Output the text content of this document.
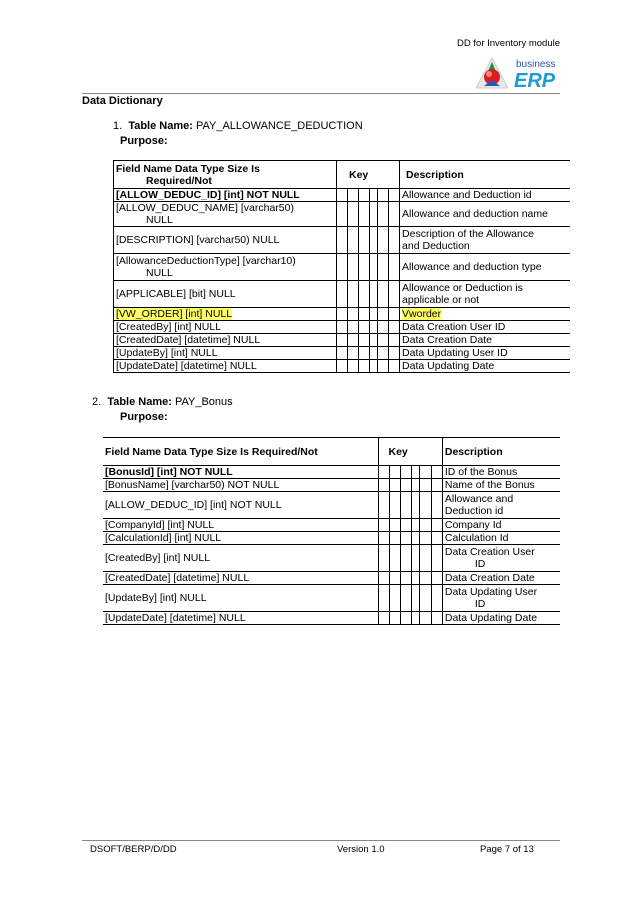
DD for Inventory module
business
ERP
Data Dictionary
1. Table Name: PAY_ALLOWANCE_DEDUCTION
Purpose:
Field Name Data Type Size Is

Required/Not	Key						Description
[ALLOW_DEDUC_ID] [int] NOT NULL							Allowance and Deduction id
[ALLOW_DEDUC_NAME] [varchar50)
NULL							Allowance and deduction name
[DESCRIPTION] [varchar50) NULL							Description of the Allowance
and Deduction
[AllowanceDeductionType] [varchar10)
NULL							Allowance and deduction type
[APPLICABLE] [bit] NULL							Allowance or Deduction is
applicable or not
[VW_ORDER] [int] NULL							Vworder
[CreatedBy] [int] NULL							Data Creation User ID
[CreatedDate] [datetime] NULL							Data Creation Date
[UpdateBy] [int] NULL							Data Updating User ID
[UpdateDate] [datetime] NULL							Data Updating Date
2. Table Name: PAY_Bonus
Purpose:
Field Name Data Type Size Is Required/Not	Key						Description
[BonusId] [int] NOT NULL							ID of the Bonus
[BonusName] [varchar50) NOT NULL							Name of the Bonus
[ALLOW_DEDUC_ID] [int] NOT NULL							Allowance and
Deduction id
[CompanyId] [int] NULL							Company Id
[CalculationId] [int] NULL							Calculation Id
[CreatedBy] [int] NULL							Data Creation User
ID
[CreatedDate] [datetime] NULL							Data Creation Date
[UpdateBy] [int] NULL							Data Updating User
ID
[UpdateDate] [datetime] NULL							Data Updating Date
DSOFT/BERP/D/DD	Version 1.0	Page 7 of 13
